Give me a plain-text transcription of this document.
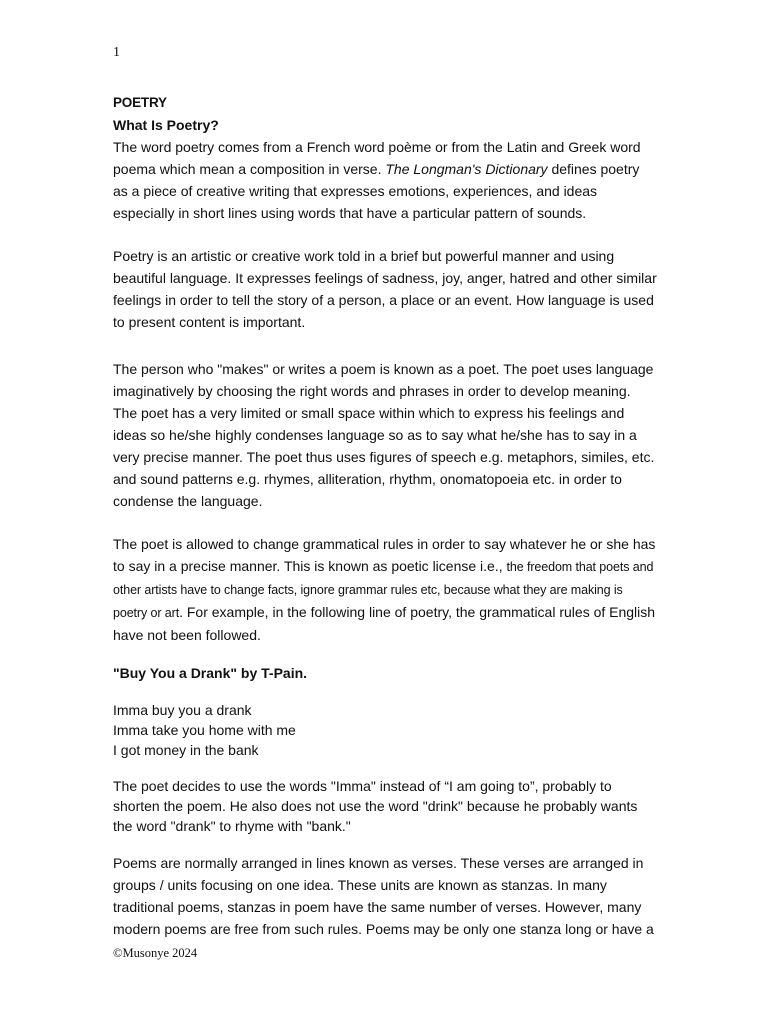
1

POETRY

What Is Poetry?

The word poetry comes from a French word poème or from the Latin and Greek word poema which mean a composition in verse. The Longman's Dictionary defines poetry as a piece of creative writing that expresses emotions, experiences, and ideas especially in short lines using words that have a particular pattern of sounds.

Poetry is an artistic or creative work told in a brief but powerful manner and using beautiful language. It expresses feelings of sadness, joy, anger, hatred and other similar feelings in order to tell the story of a person, a place or an event. How language is used to present content is important.

The person who "makes" or writes a poem is known as a poet. The poet uses language imaginatively by choosing the right words and phrases in order to develop meaning. The poet has a very limited or small space within which to express his feelings and ideas so he/she highly condenses language so as to say what he/she has to say in a very precise manner. The poet thus uses figures of speech e.g. metaphors, similes, etc. and sound patterns e.g. rhymes, alliteration, rhythm, onomatopoeia etc. in order to condense the language.

The poet is allowed to change grammatical rules in order to say whatever he or she has to say in a precise manner. This is known as poetic license i.e., the freedom that poets and other artists have to change facts, ignore grammar rules etc, because what they are making is poetry or art. For example, in the following line of poetry, the grammatical rules of English have not been followed.

"Buy You a Drank" by T-Pain.

Imma buy you a drank

Imma take you home with me

I got money in the bank

The poet decides to use the words "Imma" instead of “I am going to”, probably to shorten the poem. He also does not use the word "drink" because he probably wants the word "drank" to rhyme with "bank."

Poems are normally arranged in lines known as verses. These verses are arranged in groups / units focusing on one idea. These units are known as stanzas. In many traditional poems, stanzas in poem have the same number of verses. However, many modern poems are free from such rules. Poems may be only one stanza long or have a

©Musonye 2024
